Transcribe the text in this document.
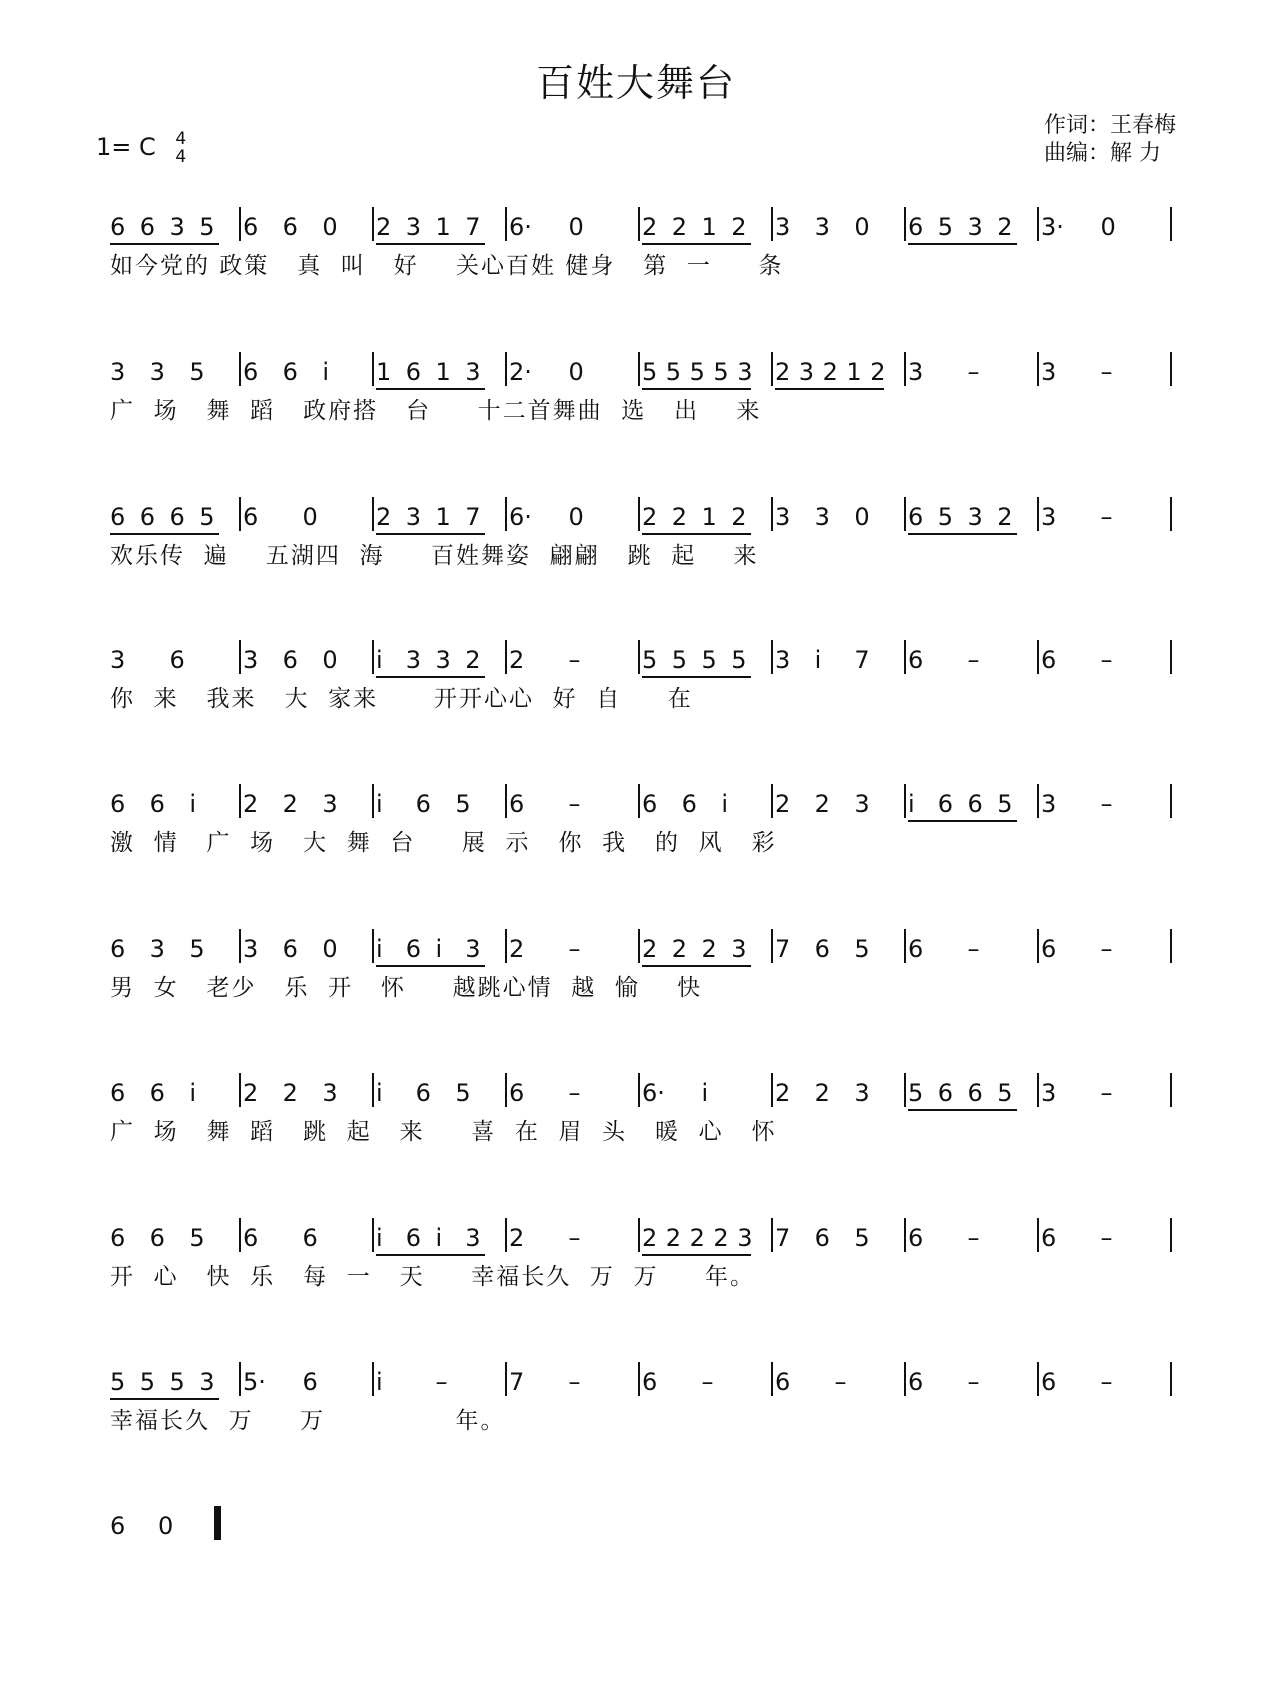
百姓大舞台
1= C 4
4
作词：王春梅
曲编：解 力
6 6 3 5 6 6 0 2 3 1 7 6· 0 2 2 1 2 3 3 0 6 5 3 2 3· 0
如今党的 政策   真  叫   好    关心百姓 健身   第  一     条
3 3 5 6 6 i 1 6 1 3 2· 0 5 5 5 5 3 2 3 2 1 2 3 –	3 –
广  场   舞  蹈   政府搭   台     十二首舞曲  选   出    来
6 6 6 5 6 0 2 3 1 7 6· 0 2 2 1 2 3 3 0 6 5 3 2 3 –
欢乐传  遍    五湖四  海     百姓舞姿  翩翩   跳  起    来
3 6 3 6 0 i 3 3 2 2 –	5 5 5 5 3 i 7 6 –	6 –
你  来   我来   大  家来      开开心心  好  自     在
6 6 i 2 2 3 i 6 5 6 –	6 6 i 2 2 3 i 6 6 5 3 –
激  情   广  场   大  舞  台     展  示   你  我   的  风   彩
6 3 5 3 6 0 i 6 i 3 2 –	2 2 2 3 7 6 5 6 –	6 –
男  女   老少   乐  开   怀     越跳心情  越  愉    快
6 6 i 2 2 3 i 6 5 6 –	6· i	2 2 3 5 6 6 5 3 –
广  场   舞  蹈   跳  起   来     喜  在  眉  头   暖  心   怀
6 6 5 6 6 i 6 i 3 2 –	2 2 2 2 3 7 6 5 6 –	6 –
开  心   快  乐   每  一   天     幸福长久  万  万     年。
5 5 5 3 5· 6 i –	7 –	6 –	6 –	6 –	6 –
幸福长久  万     万              年。
6 0
